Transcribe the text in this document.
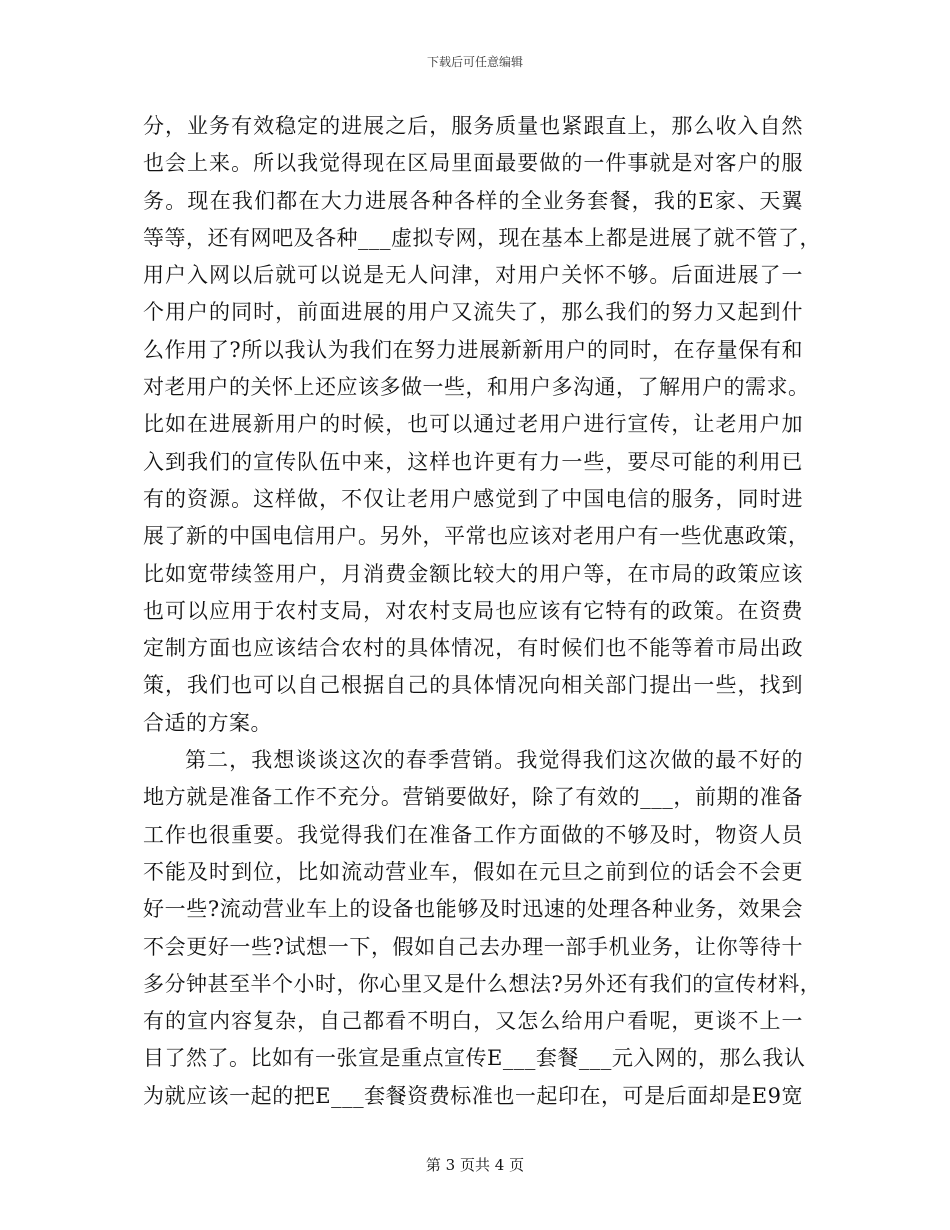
下载后可任意编辑
分，业务有效稳定的进展之后，服务质量也紧跟直上，那么收入自然
也会上来。所以我觉得现在区局里面最要做的一件事就是对客户的服
务。现在我们都在大力进展各种各样的全业务套餐，我的E家、天翼
等等，还有网吧及各种___虚拟专网，现在基本上都是进展了就不管了，
用户入网以后就可以说是无人问津，对用户关怀不够。后面进展了一
个用户的同时，前面进展的用户又流失了，那么我们的努力又起到什
么作用了?所以我认为我们在努力进展新新用户的同时，在存量保有和
对老用户的关怀上还应该多做一些，和用户多沟通，了解用户的需求。
比如在进展新用户的时候，也可以通过老用户进行宣传，让老用户加
入到我们的宣传队伍中来，这样也许更有力一些，要尽可能的利用已
有的资源。这样做，不仅让老用户感觉到了中国电信的服务，同时进
展了新的中国电信用户。另外，平常也应该对老用户有一些优惠政策，
比如宽带续签用户，月消费金额比较大的用户等，在市局的政策应该
也可以应用于农村支局，对农村支局也应该有它特有的政策。在资费
定制方面也应该结合农村的具体情况，有时候们也不能等着市局出政
策，我们也可以自己根据自己的具体情况向相关部门提出一些，找到
合适的方案。
第二，我想谈谈这次的春季营销。我觉得我们这次做的最不好的
地方就是准备工作不充分。营销要做好，除了有效的___，前期的准备
工作也很重要。我觉得我们在准备工作方面做的不够及时，物资人员
不能及时到位，比如流动营业车，假如在元旦之前到位的话会不会更
好一些?流动营业车上的设备也能够及时迅速的处理各种业务，效果会
不会更好一些?试想一下，假如自己去办理一部手机业务，让你等待十
多分钟甚至半个小时，你心里又是什么想法?另外还有我们的宣传材料，
有的宣内容复杂，自己都看不明白，又怎么给用户看呢，更谈不上一
目了然了。比如有一张宣是重点宣传E___套餐___元入网的，那么我认
为就应该一起的把E___套餐资费标准也一起印在，可是后面却是E9宽
第 3 页共 4 页
